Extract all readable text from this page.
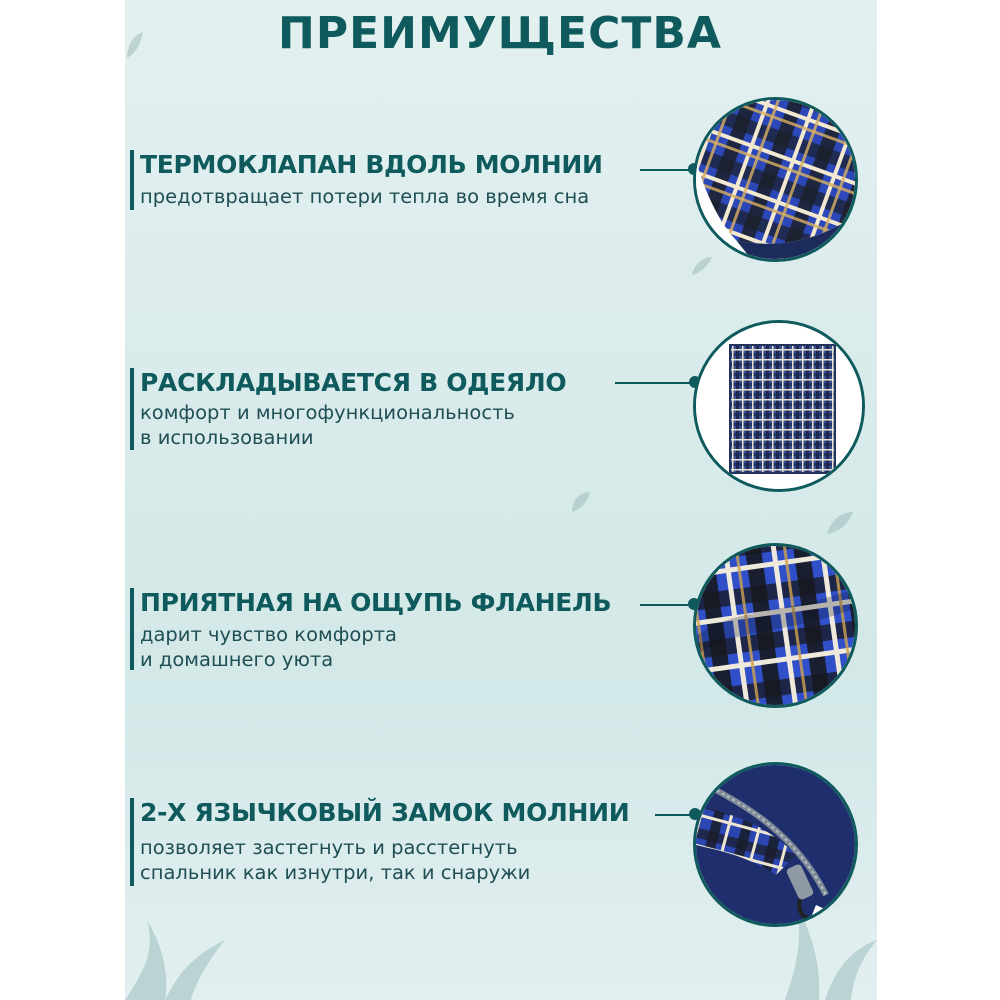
ПРЕИМУЩЕСТВА
ТЕРМОКЛАПАН ВДОЛЬ МОЛНИИ
предотвращает потери тепла во время сна
РАСКЛАДЫВАЕТСЯ В ОДЕЯЛО
комфорт и многофункциональность
в использовании
ПРИЯТНАЯ НА ОЩУПЬ ФЛАНЕЛЬ
дарит чувство комфорта
и домашнего уюта
2-Х ЯЗЫЧКОВЫЙ ЗАМОК МОЛНИИ
позволяет застегнуть и расстегнуть
спальник как изнутри, так и снаружи
